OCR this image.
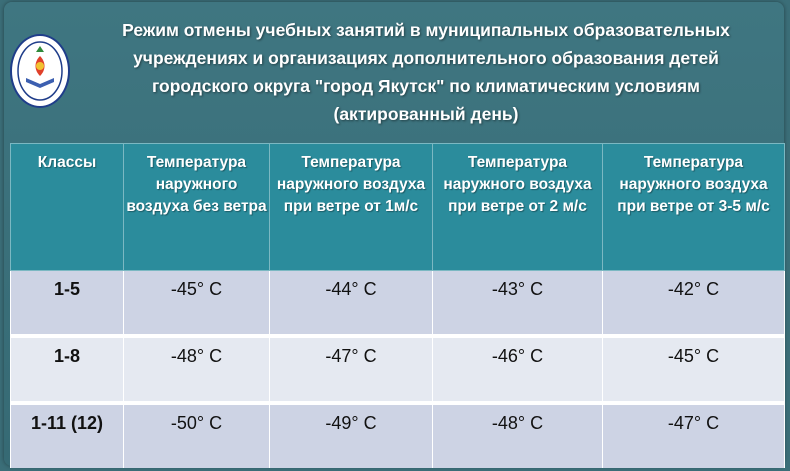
Режим отмены учебных занятий в муниципальных образовательных
учреждениях и организациях дополнительного образования детей
городского округа "город Якутск" по климатическим условиям
(актированный день)
Классы	Температура наружного воздуха без ветра	Температура наружного воздуха при ветре от 1м/с	Температура наружного воздуха при ветре от 2 м/с	Температура наружного воздуха при ветре от 3-5 м/с
1-5	-45° С	-44° С	-43° С	-42° С
1-8	-48° С	-47° С	-46° С	-45° С
1-11 (12)	-50° С	-49° С	-48° С	-47° С
